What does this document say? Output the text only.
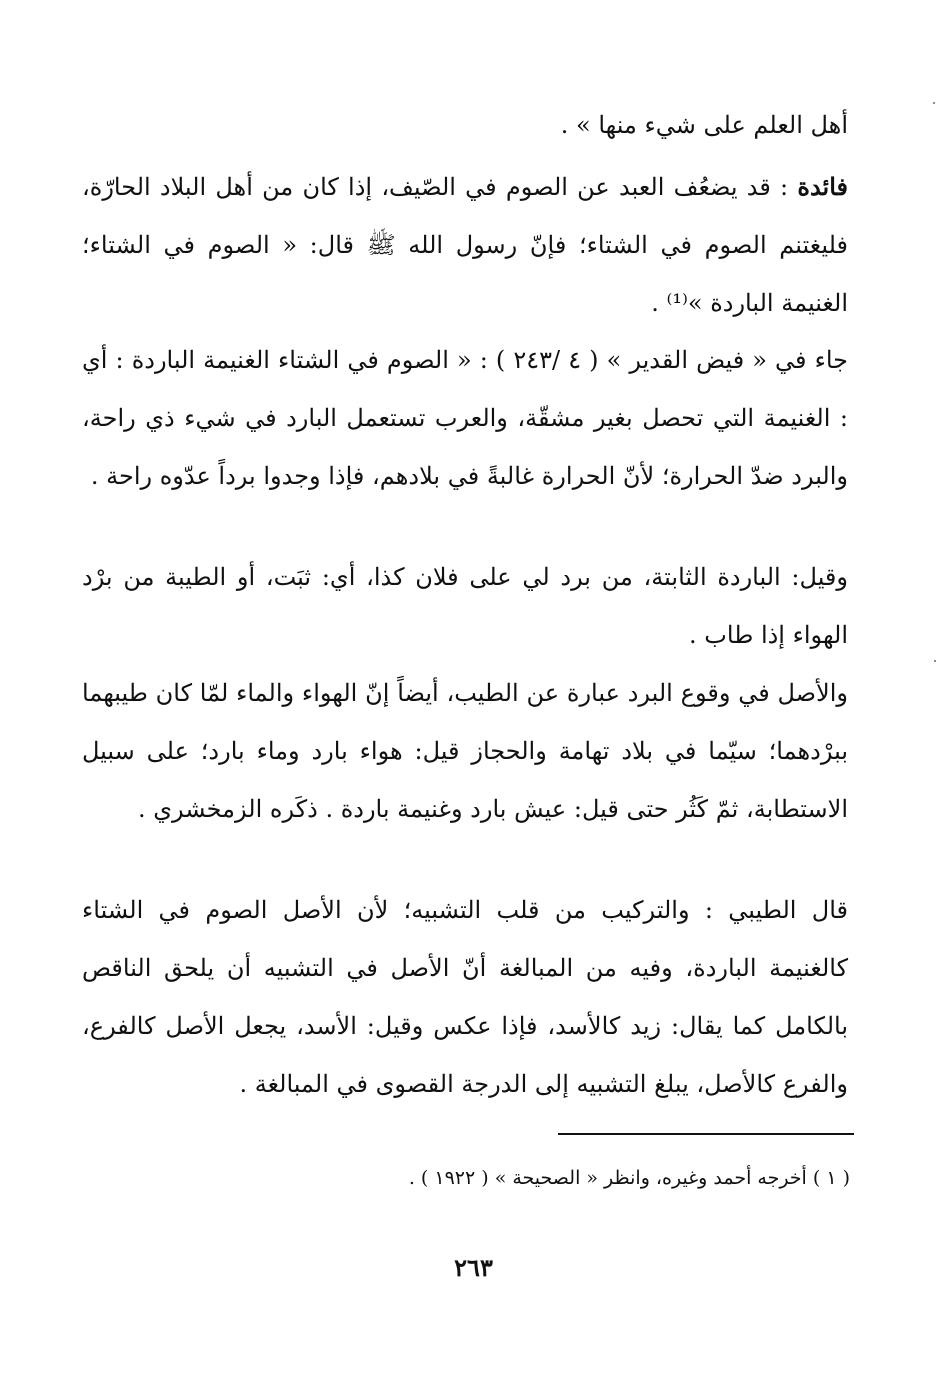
أهل العلم على شيء منها » .

فائدة : قد يضعُف العبد عن الصوم في الصّيف، إذا كان من أهل البلاد الحارّة، فليغتنم الصوم في الشتاء؛ فإنّ رسول الله ﷺ قال: « الصوم في الشتاء؛ الغنيمة الباردة »⁽¹⁾ .

جاء في « فيض القدير » ( ٤ /٢٤٣ ) : « الصوم في الشتاء الغنيمة الباردة : أي : الغنيمة التي تحصل بغير مشقّة، والعرب تستعمل البارد في شيء ذي راحة، والبرد ضدّ الحرارة؛ لأنّ الحرارة غالبةً في بلادهم، فإذا وجدوا برداً عدّوه راحة .

وقيل: الباردة الثابتة، من برد لي على فلان كذا، أي: ثبَت، أو الطيبة من برْد الهواء إذا طاب .

والأصل في وقوع البرد عبارة عن الطيب، أيضاً إنّ الهواء والماء لمّا كان طيبهما ببرْدهما؛ سيّما في بلاد تهامة والحجاز قيل: هواء بارد وماء بارد؛ على سبيل الاستطابة، ثمّ كَثُر حتى قيل: عيش بارد وغنيمة باردة . ذكَره الزمخشري .

قال الطيبي : والتركيب من قلب التشبيه؛ لأن الأصل الصوم في الشتاء كالغنيمة الباردة، وفيه من المبالغة أنّ الأصل في التشبيه أن يلحق الناقص بالكامل كما يقال: زيد كالأسد، فإذا عكس وقيل: الأسد، يجعل الأصل كالفرع، والفرع كالأصل، يبلغ التشبيه إلى الدرجة القصوى في المبالغة .

( ١ ) أخرجه أحمد وغيره، وانظر « الصحيحة » ( ١٩٢٢ ) .
٢٦٣
